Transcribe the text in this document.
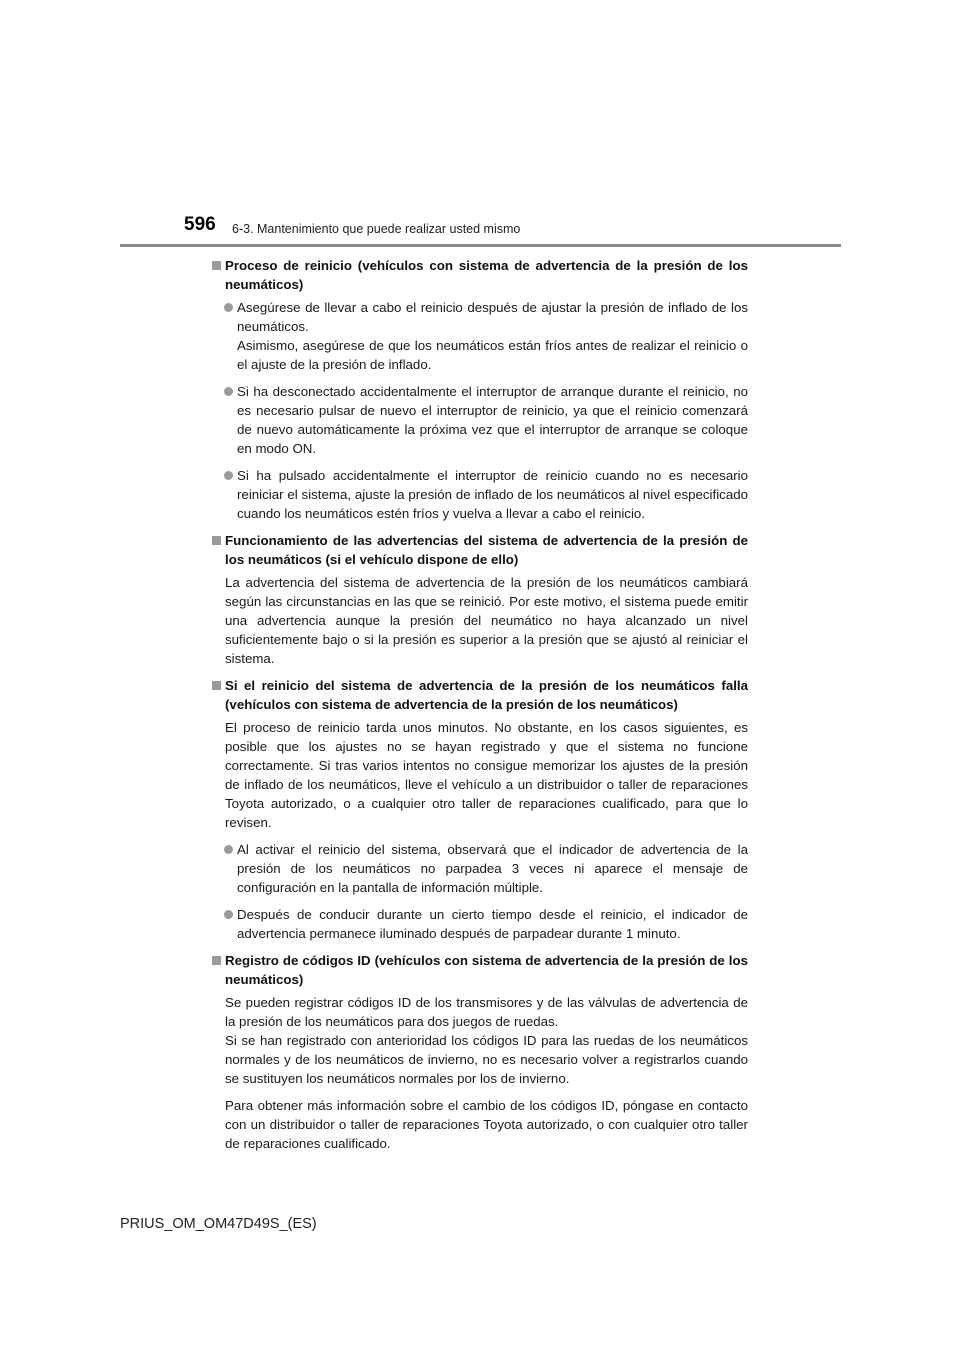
596 6-3. Mantenimiento que puede realizar usted mismo
Proceso de reinicio (vehículos con sistema de advertencia de la presión de los neumáticos)
Asegúrese de llevar a cabo el reinicio después de ajustar la presión de inflado de los neumáticos.
Asimismo, asegúrese de que los neumáticos están fríos antes de realizar el reinicio o el ajuste de la presión de inflado.
Si ha desconectado accidentalmente el interruptor de arranque durante el reinicio, no es necesario pulsar de nuevo el interruptor de reinicio, ya que el reinicio comenzará de nuevo automáticamente la próxima vez que el interruptor de arranque se coloque en modo ON.
Si ha pulsado accidentalmente el interruptor de reinicio cuando no es necesario reiniciar el sistema, ajuste la presión de inflado de los neumáticos al nivel especificado cuando los neumáticos estén fríos y vuelva a llevar a cabo el reinicio.
Funcionamiento de las advertencias del sistema de advertencia de la presión de los neumáticos (si el vehículo dispone de ello)
La advertencia del sistema de advertencia de la presión de los neumáticos cambiará según las circunstancias en las que se reinició. Por este motivo, el sistema puede emitir una advertencia aunque la presión del neumático no haya alcanzado un nivel suficientemente bajo o si la presión es superior a la presión que se ajustó al reiniciar el sistema.
Si el reinicio del sistema de advertencia de la presión de los neumáticos falla (vehículos con sistema de advertencia de la presión de los neumáticos)
El proceso de reinicio tarda unos minutos. No obstante, en los casos siguientes, es posible que los ajustes no se hayan registrado y que el sistema no funcione correctamente. Si tras varios intentos no consigue memorizar los ajustes de la presión de inflado de los neumáticos, lleve el vehículo a un distribuidor o taller de reparaciones Toyota autorizado, o a cualquier otro taller de reparaciones cualificado, para que lo revisen.
Al activar el reinicio del sistema, observará que el indicador de advertencia de la presión de los neumáticos no parpadea 3 veces ni aparece el mensaje de configuración en la pantalla de información múltiple.
Después de conducir durante un cierto tiempo desde el reinicio, el indicador de advertencia permanece iluminado después de parpadear durante 1 minuto.
Registro de códigos ID (vehículos con sistema de advertencia de la presión de los neumáticos)
Se pueden registrar códigos ID de los transmisores y de las válvulas de advertencia de la presión de los neumáticos para dos juegos de ruedas.
Si se han registrado con anterioridad los códigos ID para las ruedas de los neumáticos normales y de los neumáticos de invierno, no es necesario volver a registrarlos cuando se sustituyen los neumáticos normales por los de invierno.
Para obtener más información sobre el cambio de los códigos ID, póngase en contacto con un distribuidor o taller de reparaciones Toyota autorizado, o con cualquier otro taller de reparaciones cualificado.
PRIUS_OM_OM47D49S_(ES)
